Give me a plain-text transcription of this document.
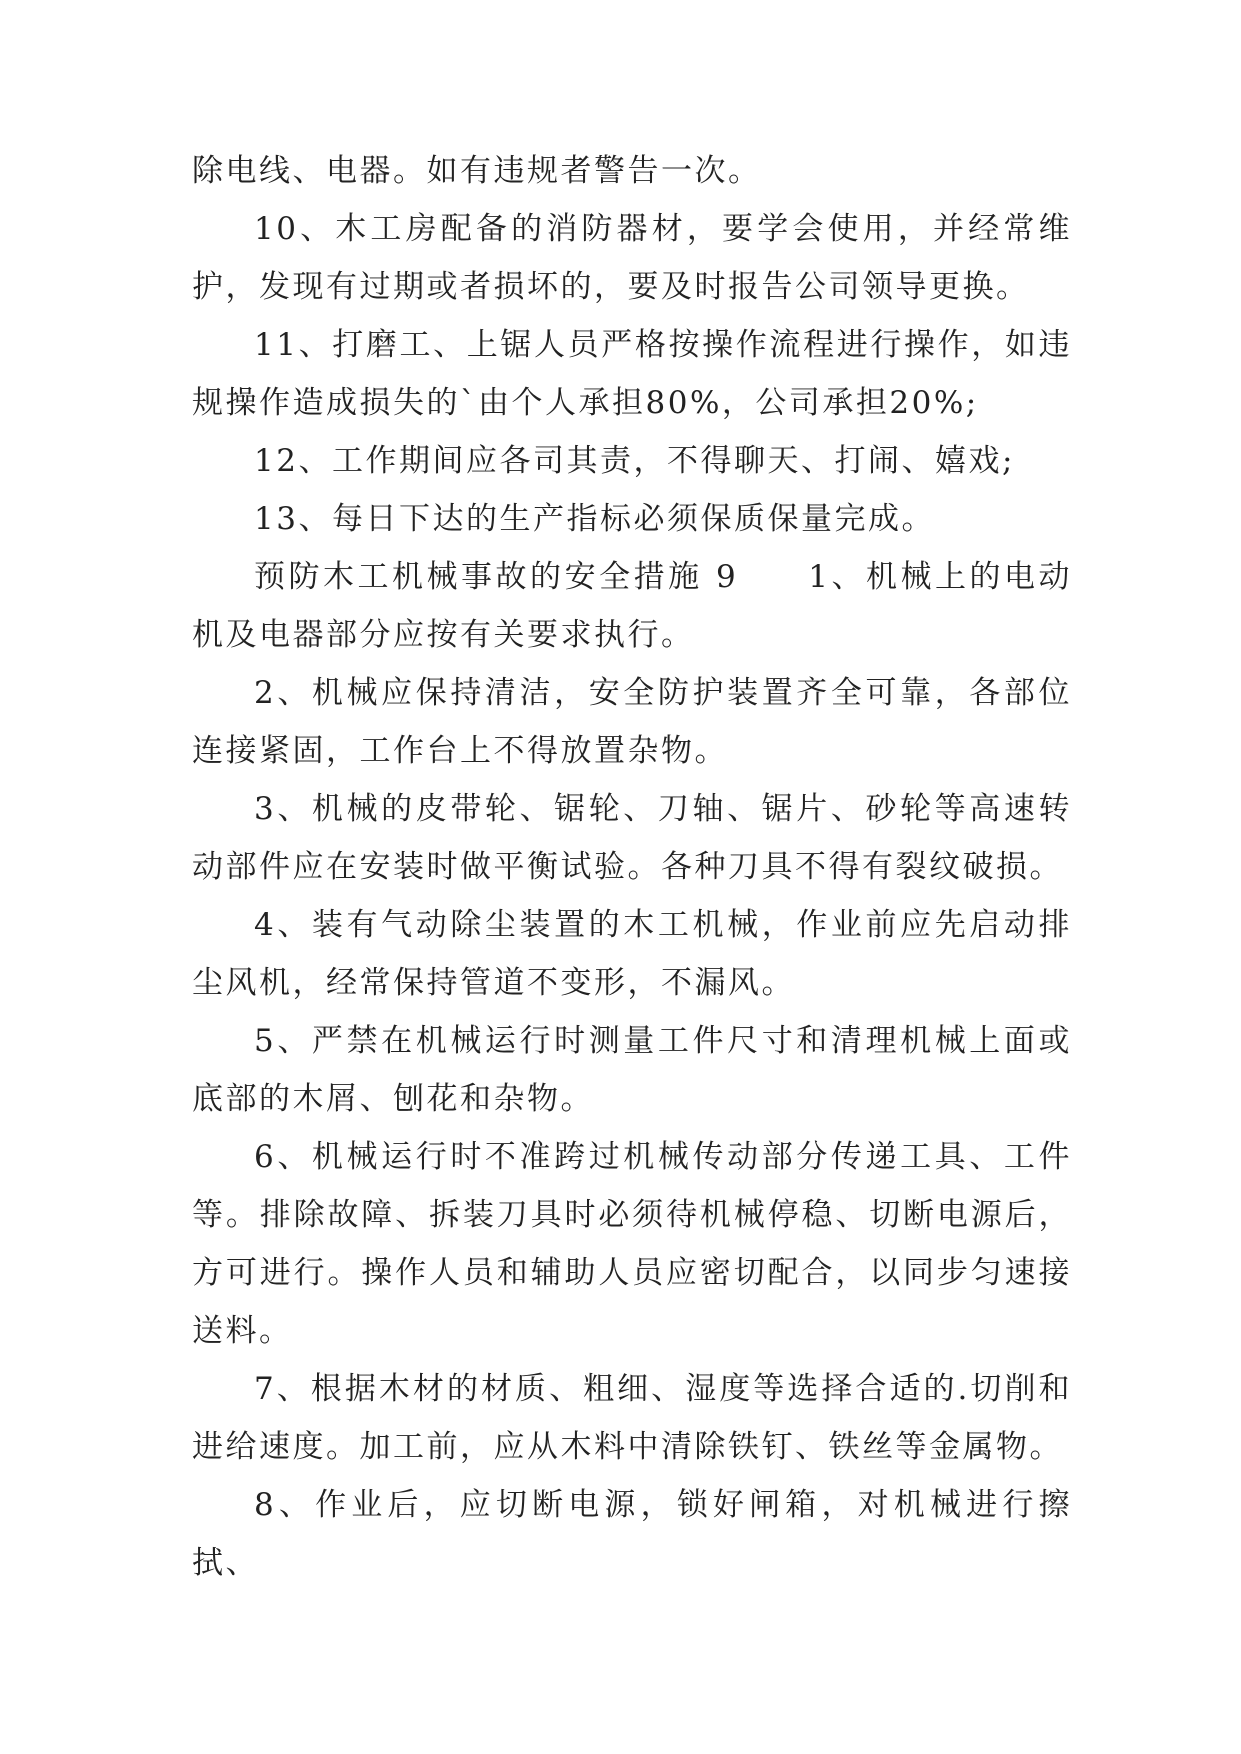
除电线、电器。如有违规者警告一次。

10、木工房配备的消防器材，要学会使用，并经常维护，发现有过期或者损坏的，要及时报告公司领导更换。

11、打磨工、上锯人员严格按操作流程进行操作，如违规操作造成损失的`由个人承担80%，公司承担20%;

12、工作期间应各司其责，不得聊天、打闹、嬉戏;

13、每日下达的生产指标必须保质保量完成。

预防木工机械事故的安全措施 9　　1、机械上的电动机及电器部分应按有关要求执行。

2、机械应保持清洁，安全防护装置齐全可靠，各部位连接紧固，工作台上不得放置杂物。

3、机械的皮带轮、锯轮、刀轴、锯片、砂轮等高速转动部件应在安装时做平衡试验。各种刀具不得有裂纹破损。

4、装有气动除尘装置的木工机械，作业前应先启动排尘风机，经常保持管道不变形，不漏风。

5、严禁在机械运行时测量工件尺寸和清理机械上面或底部的木屑、刨花和杂物。

6、机械运行时不准跨过机械传动部分传递工具、工件等。排除故障、拆装刀具时必须待机械停稳、切断电源后，方可进行。操作人员和辅助人员应密切配合，以同步匀速接送料。

7、根据木材的材质、粗细、湿度等选择合适的.切削和进给速度。加工前，应从木料中清除铁钉、铁丝等金属物。

8、作业后，应切断电源，锁好闸箱，对机械进行擦拭、
